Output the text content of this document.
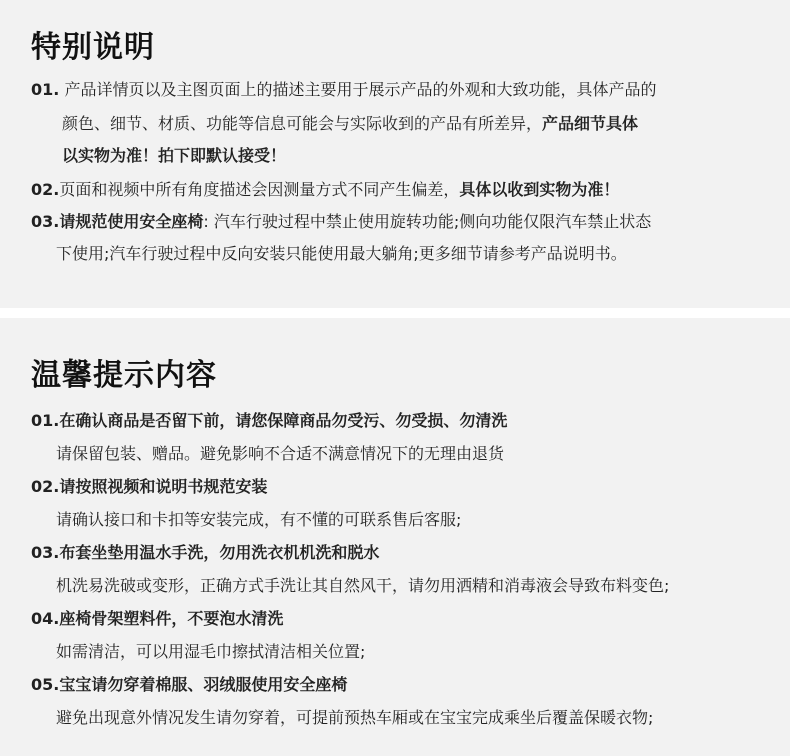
特别说明
01. 产品详情页以及主图页面上的描述主要用于展示产品的外观和大致功能，具体产品的
颜色、细节、材质、功能等信息可能会与实际收到的产品有所差异，产品细节具体
以实物为准！拍下即默认接受！
02.页面和视频中所有角度描述会因测量方式不同产生偏差，具体以收到实物为准！
03.请规范使用安全座椅: 汽车行驶过程中禁止使用旋转功能;侧向功能仅限汽车禁止状态
下使用;汽车行驶过程中反向安装只能使用最大躺角;更多细节请参考产品说明书。
温馨提示内容
01.在确认商品是否留下前，请您保障商品勿受污、勿受损、勿清洗
请保留包装、赠品。避免影响不合适不满意情况下的无理由退货
02.请按照视频和说明书规范安装
请确认接口和卡扣等安装完成，有不懂的可联系售后客服;
03.布套坐垫用温水手洗，勿用洗衣机机洗和脱水
机洗易洗破或变形，正确方式手洗让其自然风干，请勿用洒精和消毒液会导致布料变色;
04.座椅骨架塑料件，不要泡水清洗
如需清洁，可以用湿毛巾擦拭清洁相关位置;
05.宝宝请勿穿着棉服、羽绒服使用安全座椅
避免出现意外情况发生请勿穿着，可提前预热车厢或在宝宝完成乘坐后覆盖保暖衣物;
